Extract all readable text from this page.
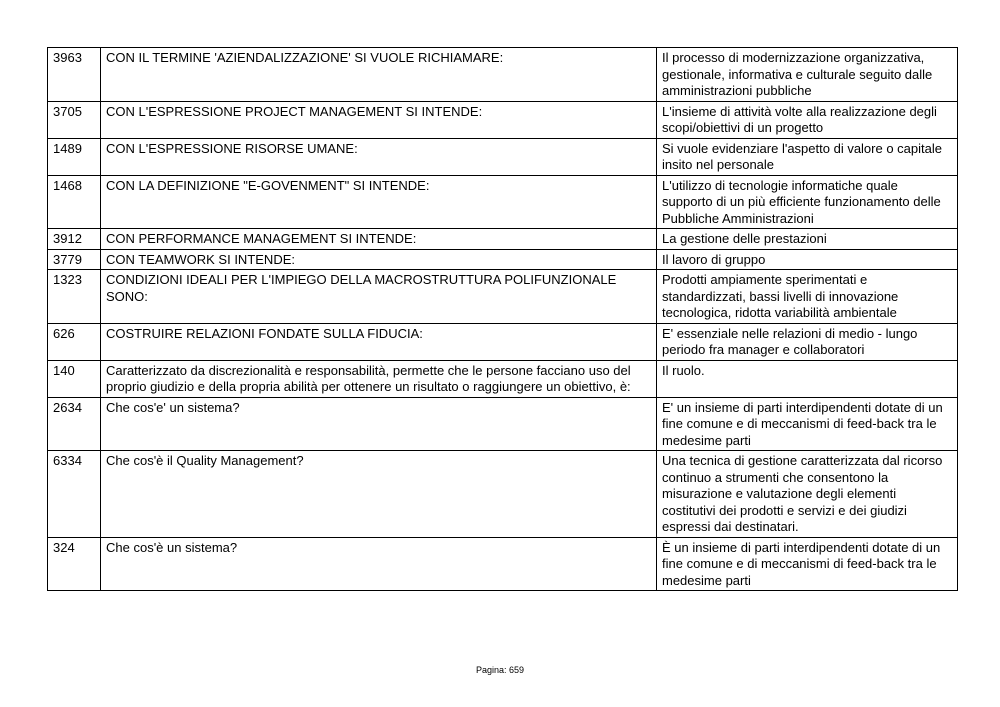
3963	CON IL TERMINE 'AZIENDALIZZAZIONE' SI VUOLE RICHIAMARE:	Il processo di modernizzazione organizzativa, gestionale, informativa e culturale seguito dalle amministrazioni pubbliche
3705	CON L'ESPRESSIONE PROJECT MANAGEMENT SI INTENDE:	L'insieme di attività volte alla realizzazione degli scopi/obiettivi di un progetto
1489	CON L'ESPRESSIONE RISORSE UMANE:	Si vuole evidenziare l'aspetto di valore o capitale insito nel personale
1468	CON LA DEFINIZIONE "E-GOVENMENT" SI INTENDE:	L'utilizzo di tecnologie informatiche quale supporto di un più efficiente funzionamento delle Pubbliche Amministrazioni
3912	CON PERFORMANCE MANAGEMENT SI INTENDE:	La gestione delle prestazioni
3779	CON TEAMWORK SI INTENDE:	Il lavoro di gruppo
1323	CONDIZIONI IDEALI PER L'IMPIEGO DELLA MACROSTRUTTURA POLIFUNZIONALE SONO:	Prodotti ampiamente sperimentati e standardizzati, bassi livelli di innovazione tecnologica, ridotta variabilità ambientale
626	COSTRUIRE RELAZIONI FONDATE SULLA FIDUCIA:	E' essenziale nelle relazioni di medio - lungo periodo fra manager e collaboratori
140	Caratterizzato da discrezionalità e responsabilità, permette che le persone facciano uso del proprio giudizio e della propria abilità per ottenere un risultato o raggiungere un obiettivo, è:	Il ruolo.
2634	Che cos'e' un sistema?	E' un insieme di parti interdipendenti dotate di un fine comune e di meccanismi di feed-back tra le medesime parti
6334	Che cos'è il Quality Management?	Una tecnica di gestione caratterizzata dal ricorso continuo a strumenti che consentono la misurazione e valutazione degli elementi costitutivi dei prodotti e servizi e dei giudizi espressi dai destinatari.
324	Che cos'è un sistema?	È un insieme di parti interdipendenti dotate di un fine comune e di meccanismi di feed-back tra le medesime parti
Pagina: 659
